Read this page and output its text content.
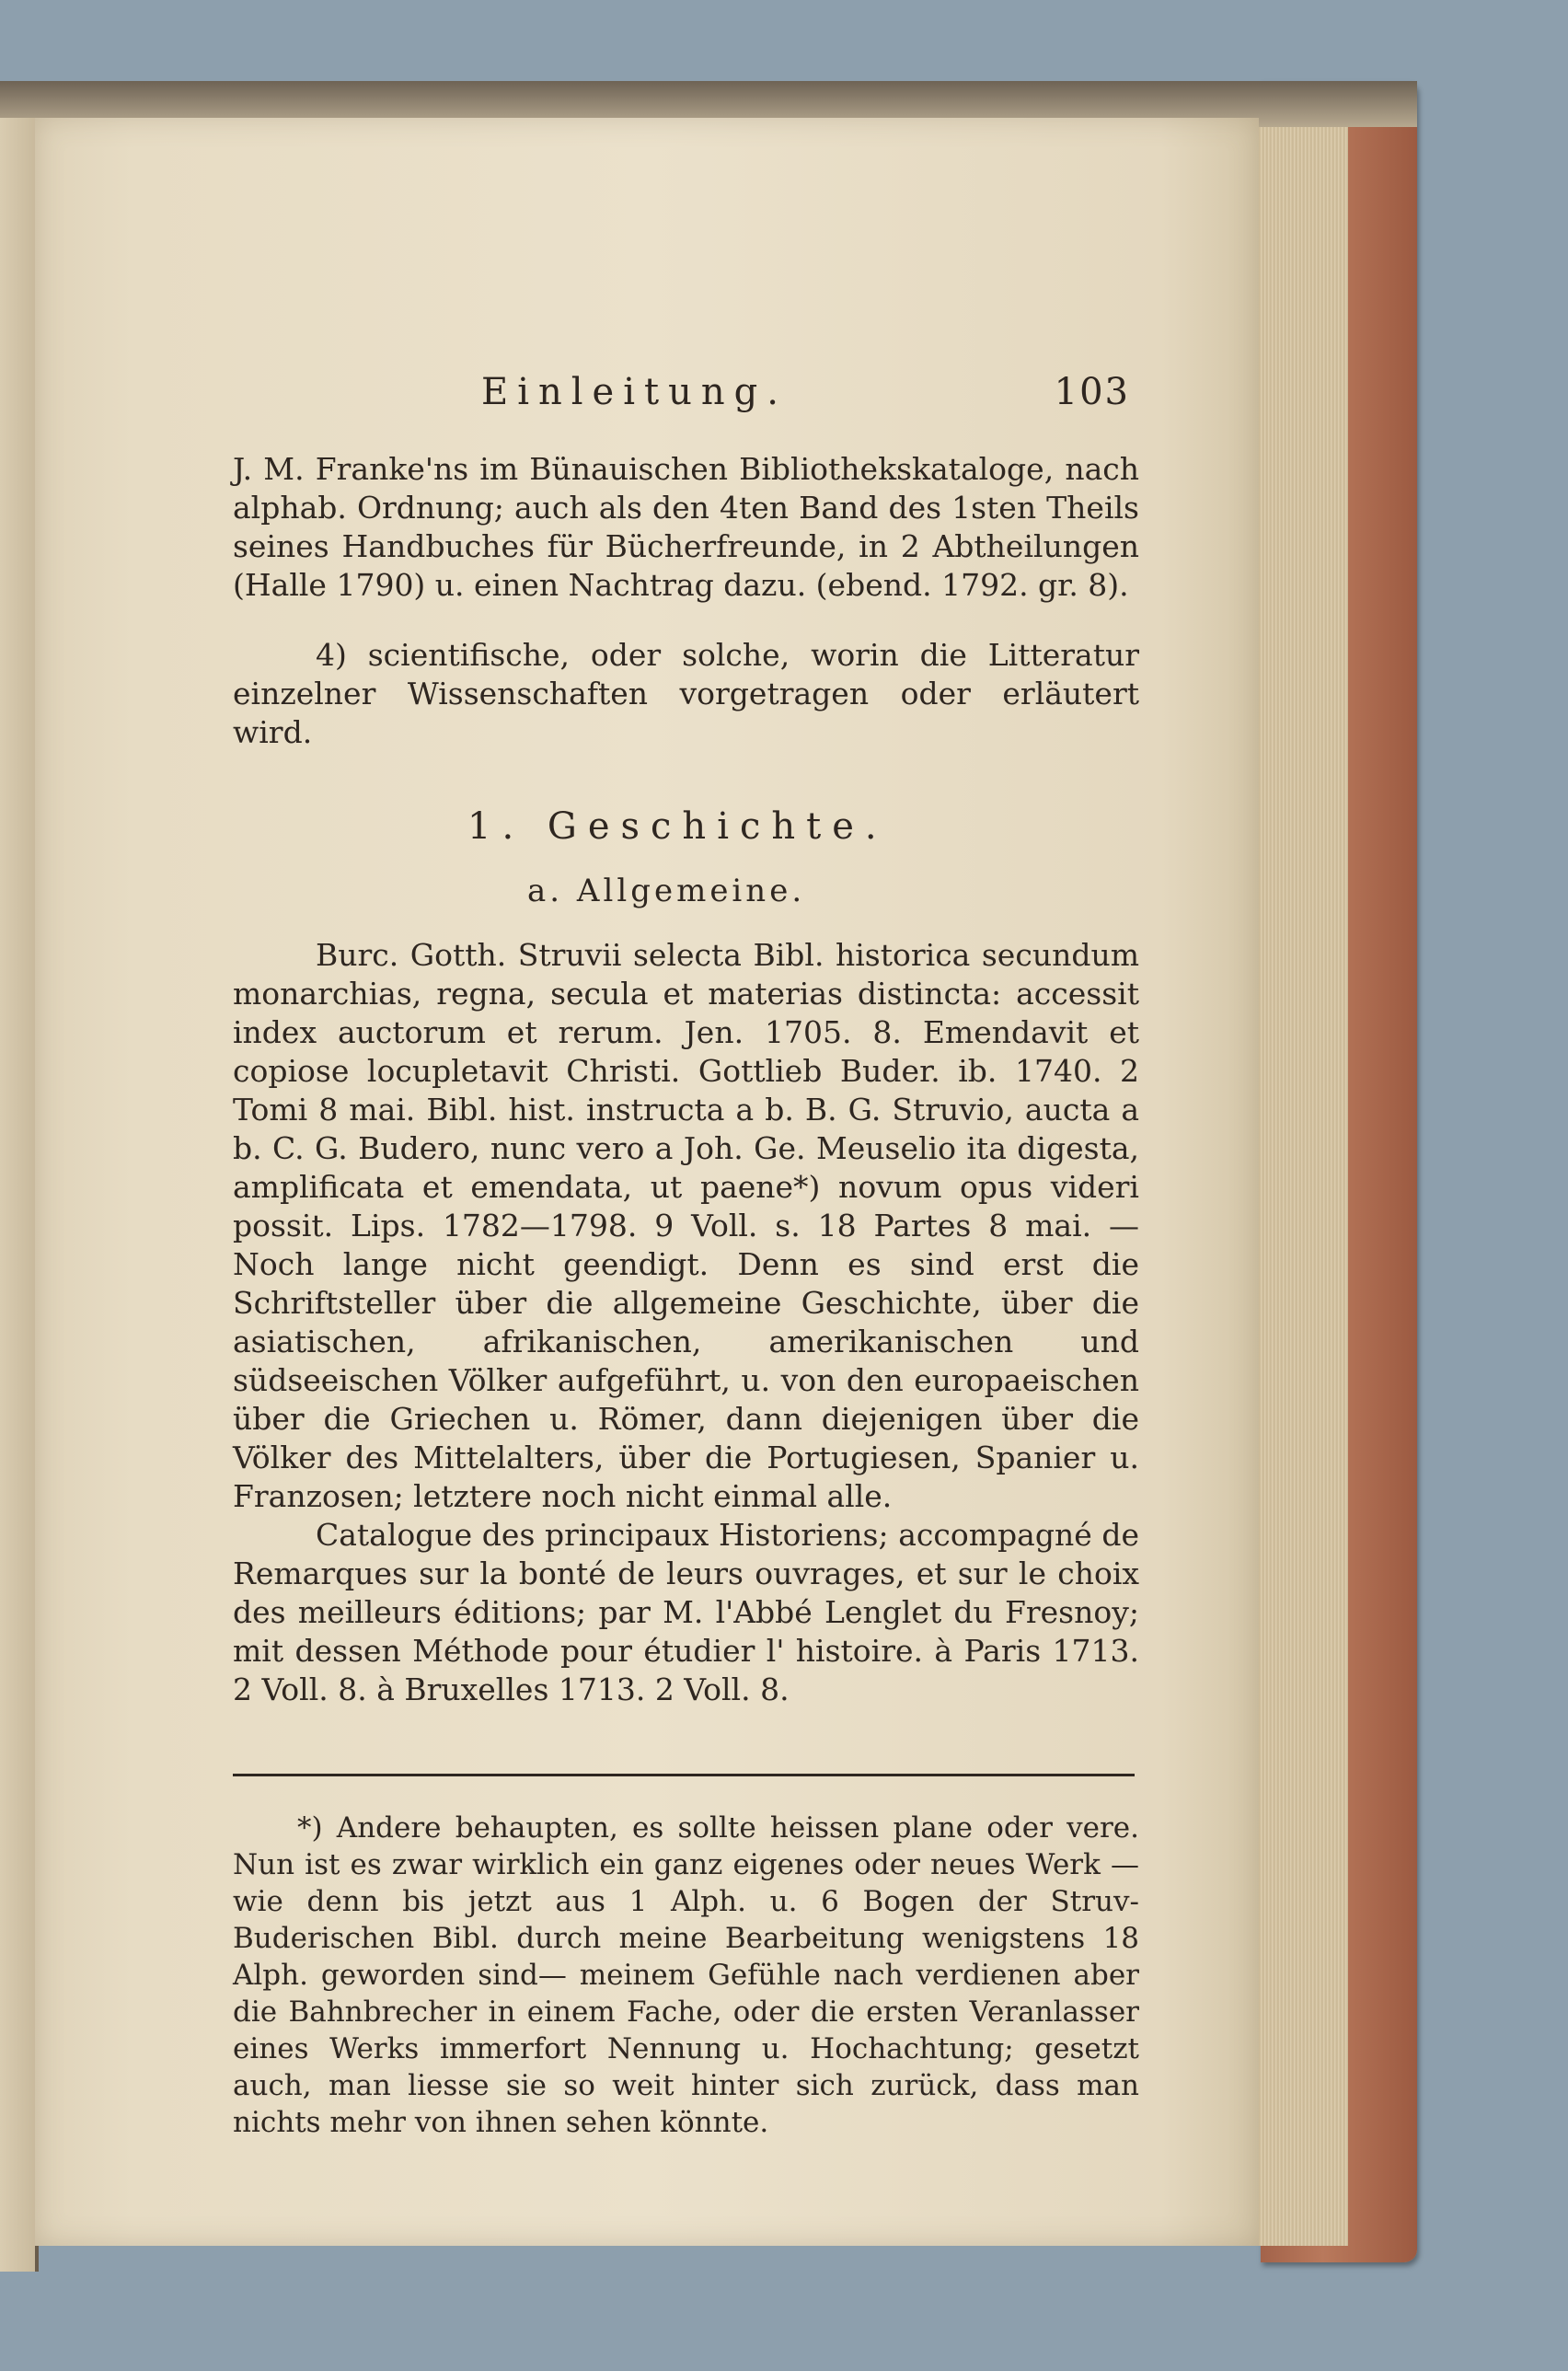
Einleitung.	103

J. M. Franke'ns im Bünauischen Bibliothekskataloge, nach alphab. Ordnung; auch als den 4ten Band des 1sten Theils seines Handbuches für Bücherfreunde, in 2 Abtheilungen (Halle 1790) u. einen Nachtrag dazu. (ebend. 1792. gr. 8).

4) scientifische, oder solche, worin die Litteratur einzelner Wissenschaften vorgetragen oder erläutert wird.

1. Geschichte.
a. Allgemeine.

Burc. Gotth. Struvii selecta Bibl. historica secundum monarchias, regna, secula et materias distincta: accessit index auctorum et rerum. Jen. 1705. 8. Emendavit et copiose locupletavit Christi. Gottlieb Buder. ib. 1740. 2 Tomi 8 mai. Bibl. hist. instructa a b. B. G. Struvio, aucta a b. C. G. Budero, nunc vero a Joh. Ge. Meuselio ita digesta, amplificata et emendata, ut paene*) novum opus videri possit. Lips. 1782—1798. 9 Voll. s. 18 Partes 8 mai. — Noch lange nicht geendigt. Denn es sind erst die Schriftsteller über die allgemeine Geschichte, über die asiatischen, afrikanischen, amerikanischen und südseeischen Völker aufgeführt, u. von den europaeischen über die Griechen u. Römer, dann diejenigen über die Völker des Mittelalters, über die Portugiesen, Spanier u. Franzosen; letztere noch nicht einmal alle.

Catalogue des principaux Historiens; accompagné de Remarques sur la bonté de leurs ouvrages, et sur le choix des meilleurs éditions; par M. l'Abbé Lenglet du Fresnoy; mit dessen Méthode pour étudier l' histoire. à Paris 1713. 2 Voll. 8. à Bruxelles 1713. 2 Voll. 8.

*) Andere behaupten, es sollte heissen plane oder vere. Nun ist es zwar wirklich ein ganz eigenes oder neues Werk —wie denn bis jetzt aus 1 Alph. u. 6 Bogen der Struv-Buderischen Bibl. durch meine Bearbeitung wenigstens 18 Alph. geworden sind— meinem Gefühle nach verdienen aber die Bahnbrecher in einem Fache, oder die ersten Veranlasser eines Werks immerfort Nennung u. Hochachtung; gesetzt auch, man liesse sie so weit hinter sich zurück, dass man nichts mehr von ihnen sehen könnte.
